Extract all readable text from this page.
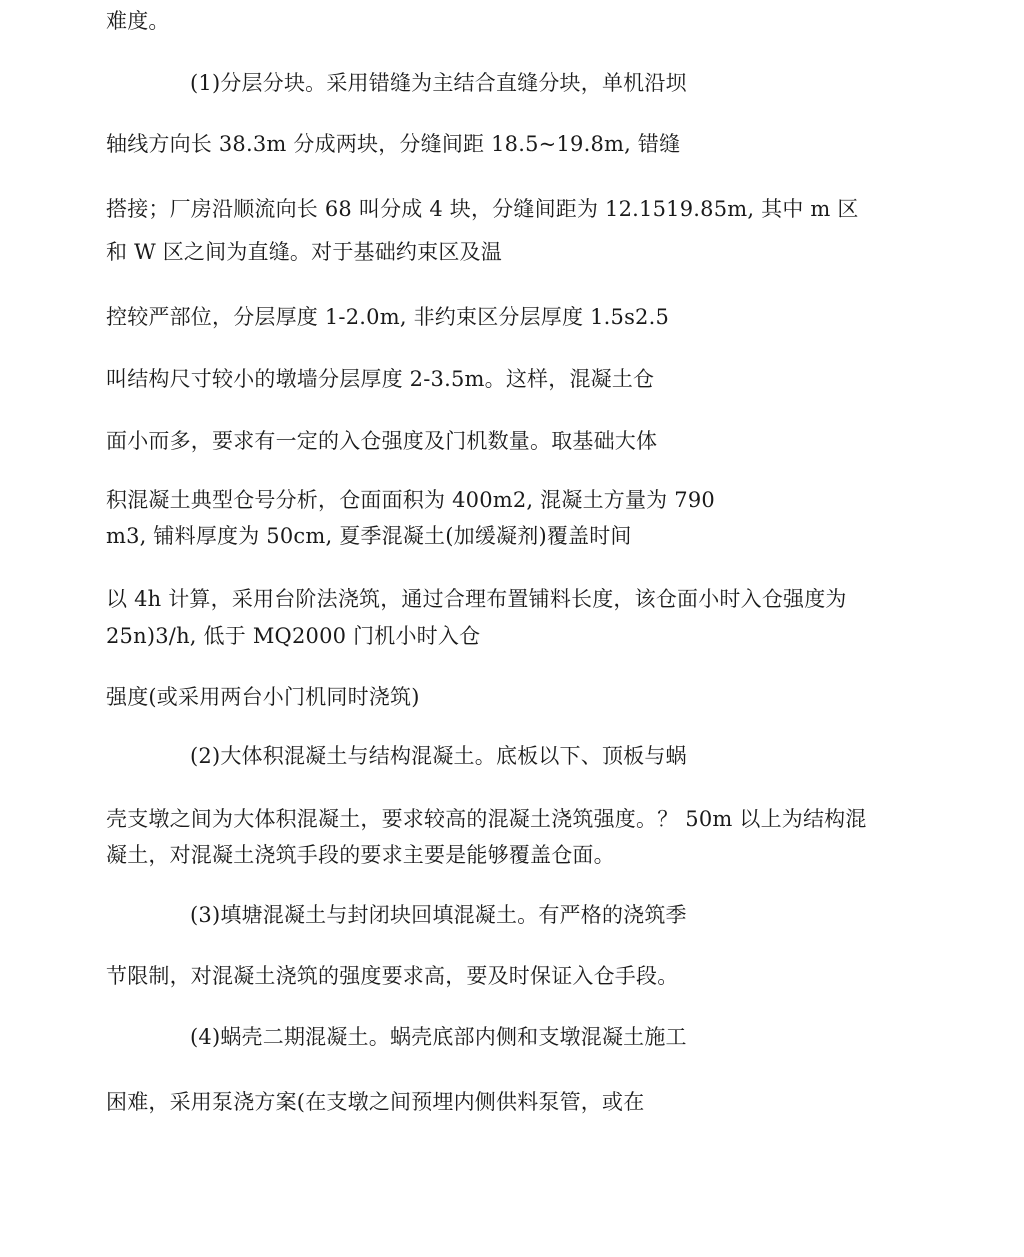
难度。
(1)分层分块。采用错缝为主结合直缝分块，单机沿坝
轴线方向长 38.3m 分成两块，分缝间距 18.5~19.8m, 错缝
搭接；厂房沿顺流向长 68 叫分成 4 块，分缝间距为 12.1519.85m, 其中 m 区
和 W 区之间为直缝。对于基础约束区及温
控较严部位，分层厚度 1-2.0m, 非约束区分层厚度 1.5s2.5
叫结构尺寸较小的墩墙分层厚度 2-3.5m。这样，混凝土仓
面小而多，要求有一定的入仓强度及门机数量。取基础大体
积混凝土典型仓号分析，仓面面积为 400m2, 混凝土方量为 790
m3, 铺料厚度为 50cm, 夏季混凝土(加缓凝剂)覆盖时间
以 4h 计算，采用台阶法浇筑，通过合理布置铺料长度，该仓面小时入仓强度为
25n)3/h, 低于 MQ2000 门机小时入仓
强度(或采用两台小门机同时浇筑)
(2)大体积混凝土与结构混凝土。底板以下、顶板与蜗
壳支墩之间为大体积混凝土，要求较高的混凝土浇筑强度。？ 50m 以上为结构混
凝土，对混凝土浇筑手段的要求主要是能够覆盖仓面。
(3)填塘混凝土与封闭块回填混凝土。有严格的浇筑季
节限制，对混凝土浇筑的强度要求高，要及时保证入仓手段。
(4)蜗壳二期混凝土。蜗壳底部内侧和支墩混凝土施工
困难，采用泵浇方案(在支墩之间预埋内侧供料泵管，或在
